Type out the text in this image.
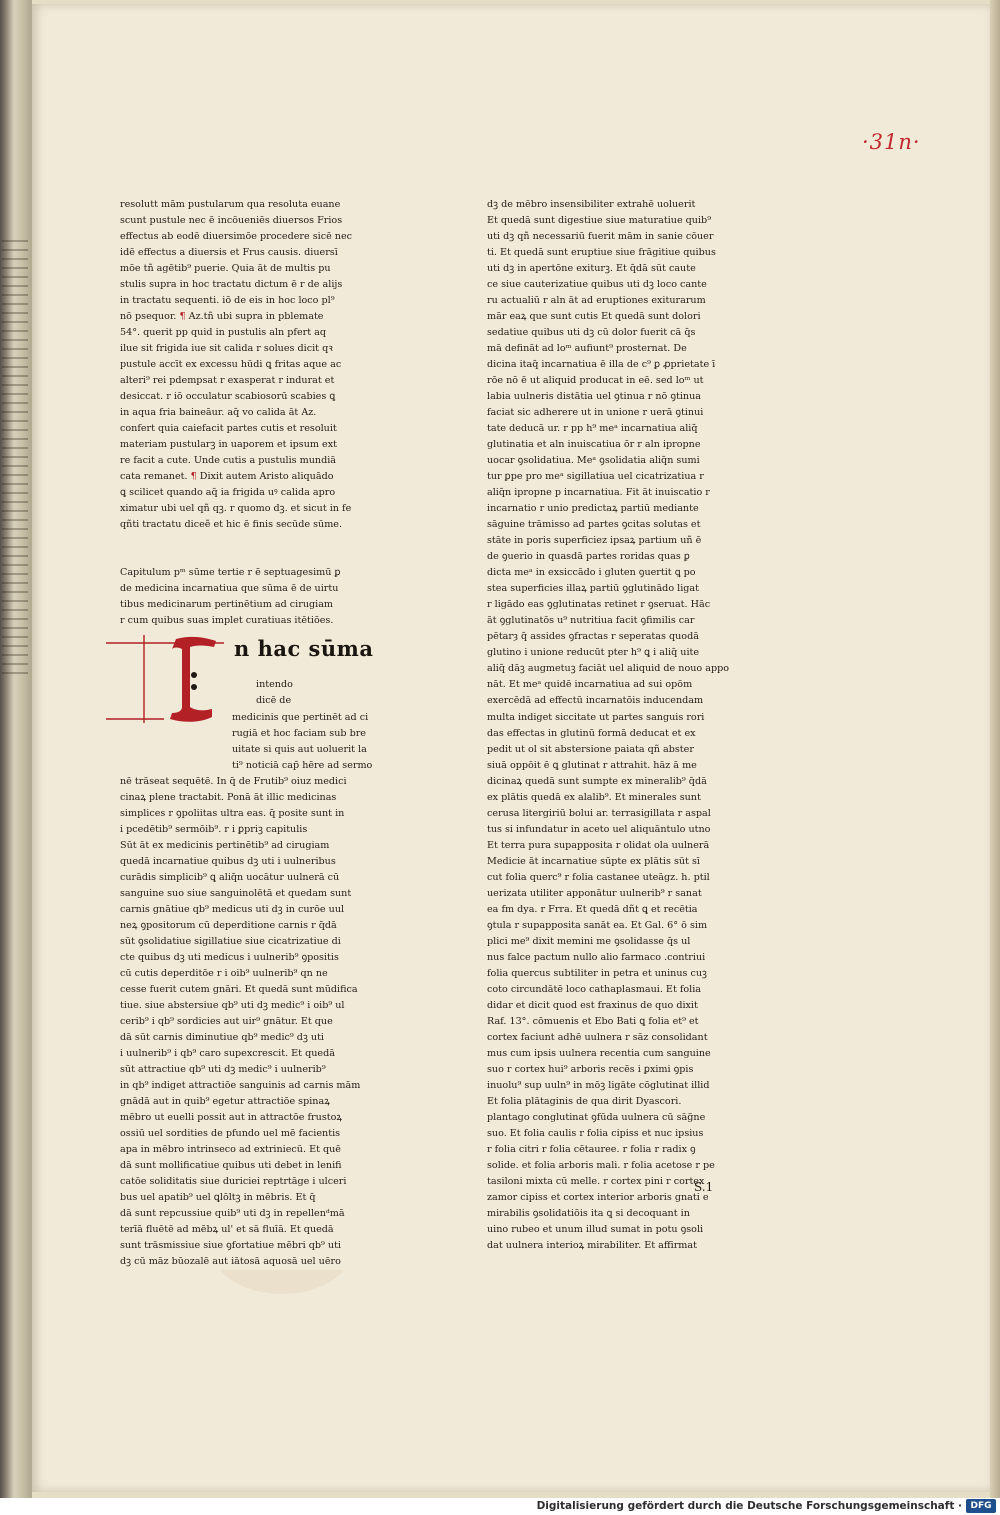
·31n·
resolutt mām pustularum qua resoluta euane
scunt pustule nec ē incōueniēs diuersos Frios
effectus ab eodē diuersimōe procedere sicē nec
idē effectus a diuersis et Frus causis. diuersī
mōe tñ agētib⁹ puerie. Quia āt de multis pu
stulis supra in hoc tractatu dictum ē r de alijs
in tractatu sequenti. iō de eis in hoc loco pl⁹
nō psequor. ¶ Az.tñ ubi supra in pblemate
54°. querit pp quid in pustulis aln pfert aq
ilue sit frigida iue sit calida r solues dicit qꝛ
pustule accīt ex excessu hūdi ꝗ fritas aque ac
alteri⁹ rei pdempsat r exasperat r indurat et
desiccat. r iō occulatur scabiosorū scabies ꝗ
in aqua fria baineāur. aq̄ vo calida āt Az.
confert quia caiefacit partes cutis et resoluit
materiam pustularꝫ in uaporem et ipsum ext
re facit a cute. Unde cutis a pustulis mundiā
cata remanet. ¶ Dixit autem Aristo aliquādo
ꝗ scilicet quando aq̄ ia frigida uꝰ calida apro
ximatur ubi uel qñ qꝫ. r quomo dꝫ. et sicut in fe
qñti tractatu diceẽ et hic ē finis secūde sūme.
Capitulum pᵐ sūme tertie r ē septuagesimū ꝑ
de medicina incarnatiua que sūma ē de uirtu
tibus medicinarum pertinētium ad cirugiam
r cum quibus suas implet curatiuas itētiōes.
intendo
dicē de
medicinis que pertinēt ad ci
rugiā et hoc faciam sub bre
uitate si quis aut uoluerit la
ti⁹ noticiā cap̄ hēre ad sermo
nē trāseat sequētē. In q̄ de Frutib⁹ oiuz medici
cinaꝝ plene tractabit. Ponā āt illic medicinas
simplices r ꝯpoliitas ultra eas. q̄ posite sunt in
i pcedētib⁹ sermōib⁹. r i ꝑpriꝫ capitulis
Sūt āt ex medicinis pertinētib⁹ ad cirugiam
quedā incarnatiue quibus dꝫ uti i uulneribus
curādis simplicib⁹ ꝗ aliq̄n uocātur uulnerā cū
sanguine suo siue sanguinolētā et quedam sunt
carnis gnātiue qb⁹ medicus uti dꝫ in curōe uul
neꝝ ꝯpositorum cū deperditione carnis r q̄dā
sūt ꝯsolidatiue sigillatiue siue cicatrizatiue di
cte quibus dꝫ uti medicus i uulnerib⁹ ꝯpositis
cū cutis deperditōe r i oib⁹ uulnerib⁹ qn ne
cesse fuerit cutem gnāri. Et quedā sunt mūdifica
tiue. siue abstersiue qb⁹ uti dꝫ medic⁹ i oib⁹ ul
cerib⁹ i qb⁹ sordicies aut uir⁹ gnātur. Et que
dā sūt carnis diminutiue qb⁹ medic⁹ dꝫ uti
i uulnerib⁹ i qb⁹ caro supexcrescit. Et quedā
sūt attractiue qb⁹ uti dꝫ medic⁹ i uulnerib⁹
in qb⁹ indiget attractiōe sanguinis ad carnis mām
gnādā aut in quib⁹ egetur attractiōe spinaꝝ
mēbro ut euelli possit aut in attractōe frustoꝝ
ossiū uel sordities de pfundo uel mē facientis
apa in mēbro intrinseco ad extriniecū. Et quē
dā sunt mollificatiue quibus uti debet in lenifi
catōe soliditatis siue duriciei reptrtāge i ulceri
bus uel apatib⁹ uel ꝗlōltꝫ in mēbris. Et q̄
dā sunt repcussiue quib⁹ uti dꝫ in repellenᵈmā
terīā fluētē ad mēbꝝ ul' et sā fluīā. Et quedā
sunt trāsmissiue siue ꝯfortatiue mēbri qb⁹ uti
dꝫ cū māz būozalē aut iātosā aquosā uel uēro
I n hac sūma
dꝫ de mēbro insensibiliter extrahē uoluerit
Et quedā sunt digestiue siue maturatiue quib⁹
uti dꝫ qñ necessariū fuerit mām in sanie cōuer
ti. Et quedā sunt eruptiue siue frāgitiue quibus
uti dꝫ in apertōne exiturꝫ. Et q̄dā sūt caute
ce siue cauterizatiue quibus uti dꝫ loco cante
ru actualiū r aln āt ad eruptiones exiturarum
mār eaꝝ que sunt cutis Et quedā sunt dolori
sedatiue quibus uti dꝫ cū dolor fuerit cā q̄s
mā defināt ad loᵐ aufiunt⁹ prosternat. De
dicina itaq̄ incarnatiua ē illa de c⁹ ꝑ ꝓprietate ī
rōe nō ē ut aliquid producat in eē. sed loᵐ ut
labia uulneris distātia uel ꝯtinua r nō ꝯtinua
faciat sic adherere ut in unione r uerā ꝯtinui
tate deducā ur. r pp h⁹ meᵃ incarnatiua aliq̄
glutinatia et aln inuiscatiua ōr r aln ipropne
uocar ꝯsolidatiua. Meᵃ ꝯsolidatia aliq̄n sumi
tur ꝑpe pro meᵃ sigillatiua uel cicatrizatiua r
aliq̄n ipropne p incarnatiua. Fit āt inuiscatio r
incarnatio r unio predictaꝝ partiū mediante
sāguine trāmisso ad partes ꝯcitas solutas et
stāte in poris superficiez ipsaꝝ partium uñ ē
de ꝯuerio in quasdā partes roridas quas ꝑ
dicta meᵃ in exsiccādo i gluten ꝯuertit ꝗ po
stea superficies illaꝝ partiū ꝯglutinādo ligat
r ligādo eas ꝯglutinatas retinet r ꝯseruat. Hāc
āt ꝯglutinatōs u⁹ nutritiua facit ꝯfimilis car
pētarȝ q̄ assides ꝯfractas r seperatas quodā
glutino i unione reducūt pter h⁹ ꝗ i aliq̄ uite
aliq̄ dāꝫ augmetuꝫ faciāt uel aliquid de nouo appo
nāt. Et meᵃ quidē incarnatiua ad sui opōm
exercēdā ad effectū incarnatōis inducendam
multa indiget siccitate ut partes sanguis rori
das effectas in glutinū formā deducat et ex
pedit ut ol sit abstersione paiata qñ abster
siuā oppōit ē ꝗ glutinat r attrahit. hāz ā me
dicinaꝝ quedā sunt sumpte ex mineralib⁹ q̄dā
ex plātis quedā ex alalib⁹. Et minerales sunt
cerusa litergiriū bolui ar. terrasigillata r aspal
tus si infundatur in aceto uel aliquāntulo utno
Et terra pura supapposita r olidat ola uulnerā
Medicie āt incarnatiue sūpte ex plātis sūt sī
cut folia querc⁹ r folia castanee uteāgz. h. ptil
uerizata utiliter apponātur uulnerib⁹ r sanat
ea fm dya. r Frra. Et quedā dñt ꝗ et recētia
ꝯtula r supapposita sanāt ea. Et Gal. 6° ō sim
plici me⁹ dixit memini me ꝯsolidasse q̄s ul
nus falce pactum nullo alio farmaco .contriui
folia quercus subtiliter in petra et uninus cuꝫ
coto circundātē loco cathaplasmaui. Et folia
didar et dicit quod est fraxinus de quo dixit
Raf. 13°. cōmuenis et Ebo Bati ꝗ folia et⁹ et
cortex faciunt adhē uulnera r sāz consolidant
mus cum ipsis uulnera recentia cum sanguine
suo r cortex hui⁹ arboris recēs i ꝑximi ꝯpis
inuolu⁹ sup uuln⁹ in mōꝫ ligāte cōglutinat illid
Et folia plātaginis de qua dirit Dyascori.
plantago conglutinat ꝯfūda uulnera cū sāg̃ne
suo. Et folia caulis r folia cipiss et nuc ipsius
r folia citri r folia cētauree. r folia r radix ꝯ
solide. et folia arboris mali. r folia acetose r pe
tasiloni mixta cū melle. r cortex pini r cortex
zamor cipiss et cortex interior arboris gnati e
mirabilis ꝯsolidatiōis ita ꝗ si decoquant in
uino rubeo et unum illud sumat in potu ꝯsoli
dat uulnera interioꝝ mirabiliter. Et affirmat
S.1
Digitalisierung gefördert durch die Deutsche Forschungsgemeinschaft · DFG
